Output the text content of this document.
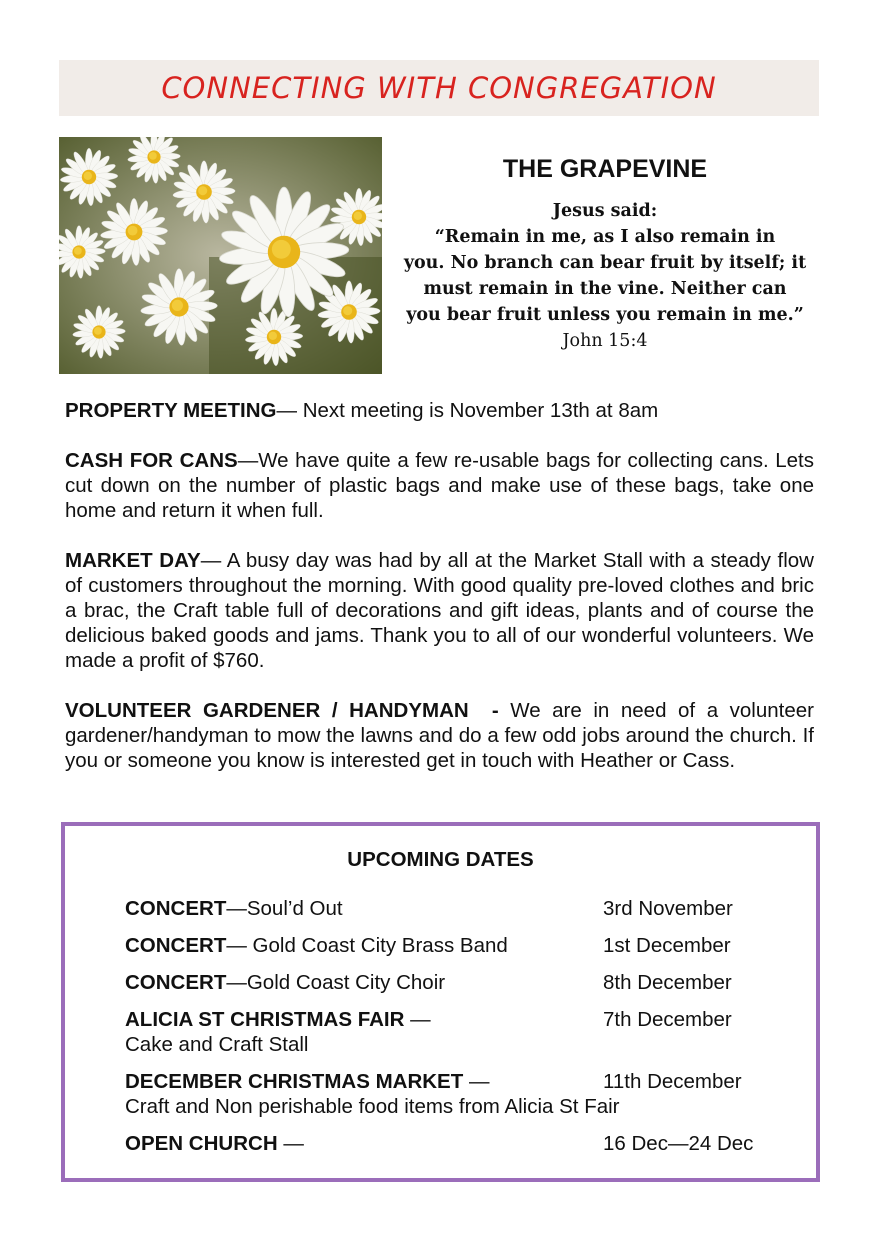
CONNECTING WITH CONGREGATION
THE GRAPEVINE
Jesus said:
“Remain in me, as I also remain in
you. No branch can bear fruit by itself; it
must remain in the vine. Neither can
you bear fruit unless you remain in me.”
John 15:4

PROPERTY MEETING— Next meeting is November 13th at 8am

CASH FOR CANS—We have quite a few re-usable bags for collecting cans. Lets cut down on the number of plastic bags and make use of these bags, take one home and return it when full.

MARKET DAY— A busy day was had by all at the Market Stall with a steady flow of customers throughout the morning. With good quality pre-loved clothes and bric a brac, the Craft table full of decorations and gift ideas, plants and of course the delicious baked goods and jams. Thank you to all of our wonderful volunteers. We made a profit of $760.

VOLUNTEER GARDENER / HANDYMAN  - We are in need of a volunteer gardener/handyman to mow the lawns and do a few odd jobs around the church. If you or someone you know is interested get in touch with Heather or Cass.

UPCOMING DATES
CONCERT—Soul’d Out	3rd November
CONCERT— Gold Coast City Brass Band	1st December
CONCERT—Gold Coast City Choir	8th December
ALICIA ST CHRISTMAS FAIR —	7th December
Cake and Craft Stall
DECEMBER CHRISTMAS MARKET —	11th December
Craft and Non perishable food items from Alicia St Fair
OPEN CHURCH —	16 Dec—24 Dec
